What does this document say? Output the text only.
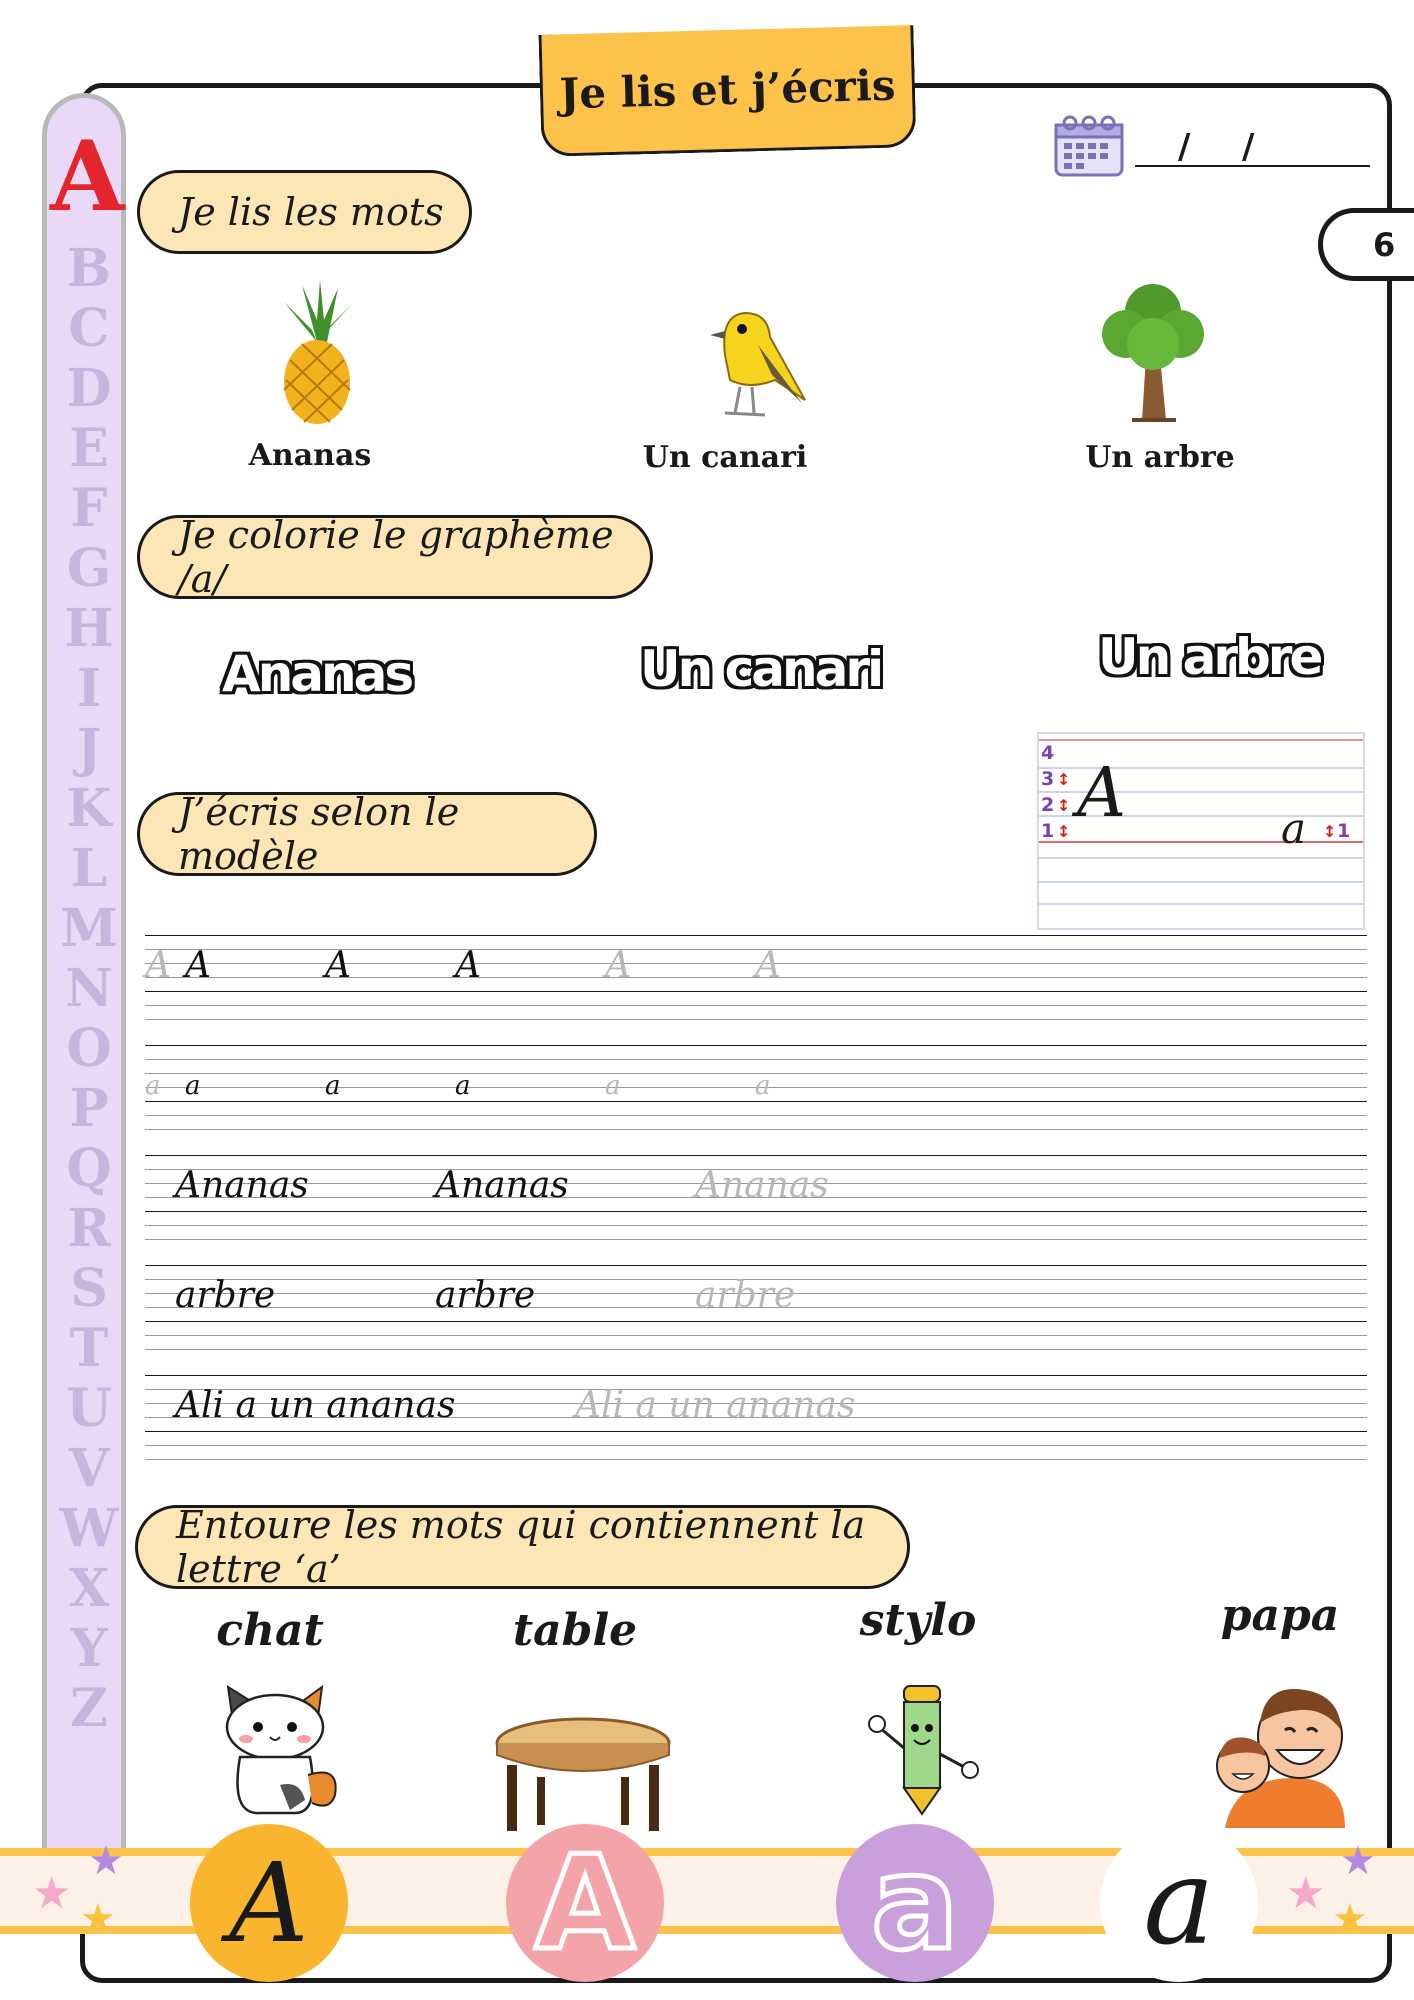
B
C
D
E
F
G
H
I
J
K
L
M
N
O
P
Q
R
S
T
U
V
W
X
Y
Z
A
Je lis et j’écris
/ /
6
Je lis les mots
Ananas	Un canari	Un arbre
Je colorie le graphème /a/
Ananas	Un canari	Un arbre
J’écris selon le modèle
4
3
2
1
↕
↕
↕ A	a ↕ 1
A	A	A	A	A
A
a	a	a	a	a
a
Ananas	Ananas	Ananas
arbre	arbre	arbre
Ali a un ananas	Ali a un ananas
Entoure les mots qui contiennent la lettre ‘a’
chat	table	stylo	papa
A A a a
★
★
★	★
★
★
